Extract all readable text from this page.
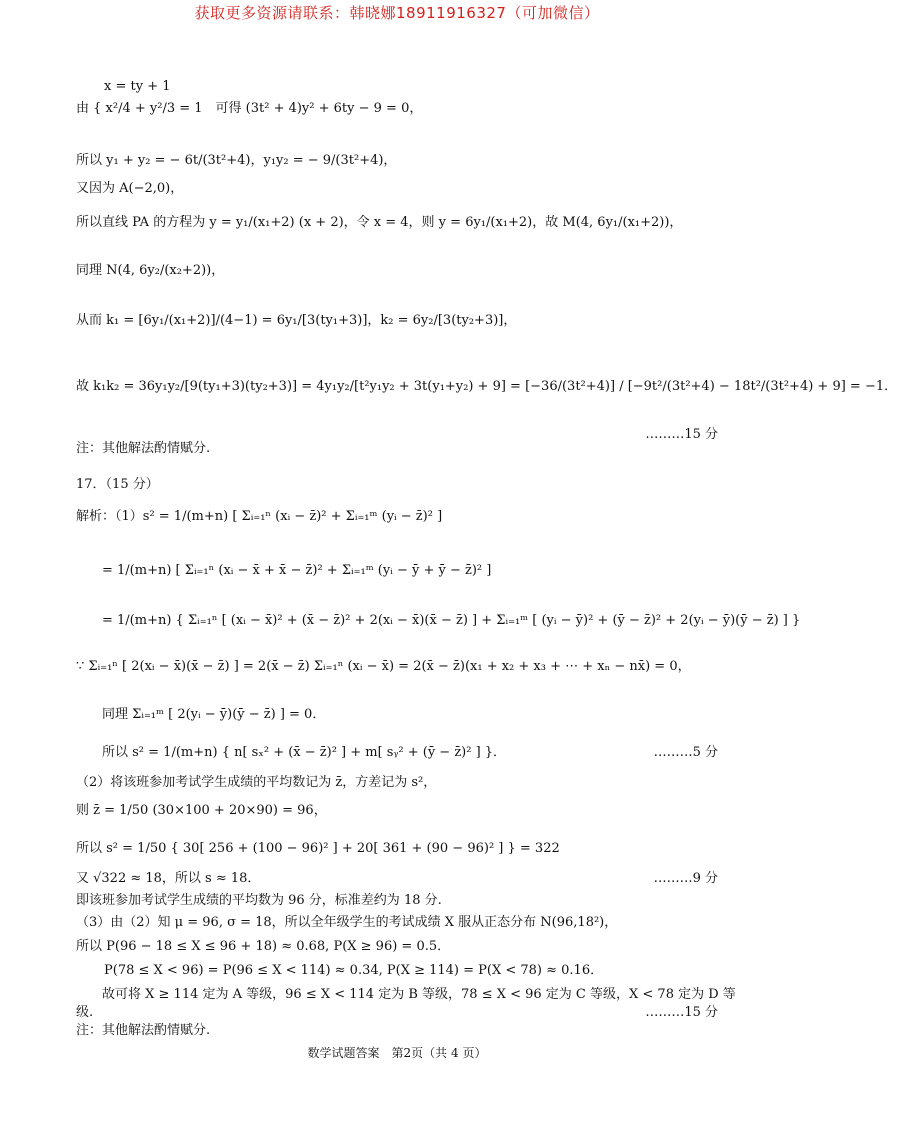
获取更多资源请联系：韩晓娜18911916327（可加微信）
x = ty + 1
由 { x²/4 + y²/3 = 1　可得 (3t² + 4)y² + 6ty − 9 = 0，
所以 y₁ + y₂ = − 6t/(3t²+4)，y₁y₂ = − 9/(3t²+4)，
又因为 A(−2,0)，
所以直线 PA 的方程为 y = y₁/(x₁+2) (x + 2)，令 x = 4，则 y = 6y₁/(x₁+2)，故 M(4, 6y₁/(x₁+2))，
同理 N(4, 6y₂/(x₂+2))，
从而 k₁ = [6y₁/(x₁+2)]/(4−1) = 6y₁/[3(ty₁+3)]，k₂ = 6y₂/[3(ty₂+3)]，
故 k₁k₂ = 36y₁y₂/[9(ty₁+3)(ty₂+3)] = 4y₁y₂/[t²y₁y₂ + 3t(y₁+y₂) + 9] = [−36/(3t²+4)] / [−9t²/(3t²+4) − 18t²/(3t²+4) + 9] = −1．
注：其他解法酌情赋分.
17．（15 分）
解析：（1）s² = 1/(m+n) [ Σᵢ₌₁ⁿ (xᵢ − z̄)² + Σᵢ₌₁ᵐ (yᵢ − z̄)² ]
　　= 1/(m+n) [ Σᵢ₌₁ⁿ (xᵢ − x̄ + x̄ − z̄)² + Σᵢ₌₁ᵐ (yᵢ − ȳ + ȳ − z̄)² ]
　　= 1/(m+n) { Σᵢ₌₁ⁿ [ (xᵢ − x̄)² + (x̄ − z̄)² + 2(xᵢ − x̄)(x̄ − z̄) ] + Σᵢ₌₁ᵐ [ (yᵢ − ȳ)² + (ȳ − z̄)² + 2(yᵢ − ȳ)(ȳ − z̄) ] }
∵ Σᵢ₌₁ⁿ [ 2(xᵢ − x̄)(x̄ − z̄) ] = 2(x̄ − z̄) Σᵢ₌₁ⁿ (xᵢ − x̄) = 2(x̄ − z̄)(x₁ + x₂ + x₃ + ⋯ + xₙ − nx̄) = 0，
同理 Σᵢ₌₁ᵐ [ 2(yᵢ − ȳ)(ȳ − z̄) ] = 0．
所以 s² = 1/(m+n) { n[ sₓ² + (x̄ − z̄)² ] + m[ sᵧ² + (ȳ − z̄)² ] }．
（2）将该班参加考试学生成绩的平均数记为 z̄，方差记为 s²，
则 z̄ = 1/50 (30×100 + 20×90) = 96，
所以 s² = 1/50 { 30[ 256 + (100 − 96)² ] + 20[ 361 + (90 − 96)² ] } = 322
又 √322 ≈ 18，所以 s ≈ 18．
即该班参加考试学生成绩的平均数为 96 分，标准差约为 18 分.
（3）由（2）知 μ = 96, σ = 18，所以全年级学生的考试成绩 X 服从正态分布 N(96,18²)，
所以 P(96 − 18 ≤ X ≤ 96 + 18) ≈ 0.68, P(X ≥ 96) = 0.5．
P(78 ≤ X < 96) = P(96 ≤ X < 114) ≈ 0.34, P(X ≥ 114) = P(X < 78) ≈ 0.16．
故可将 X ≥ 114 定为 A 等级，96 ≤ X < 114 定为 B 等级，78 ≤ X < 96 定为 C 等级，X < 78 定为 D 等
级.
注：其他解法酌情赋分.
………15 分
………5 分
………9 分
………15 分
数学试题答案　第2页（共 4 页）
